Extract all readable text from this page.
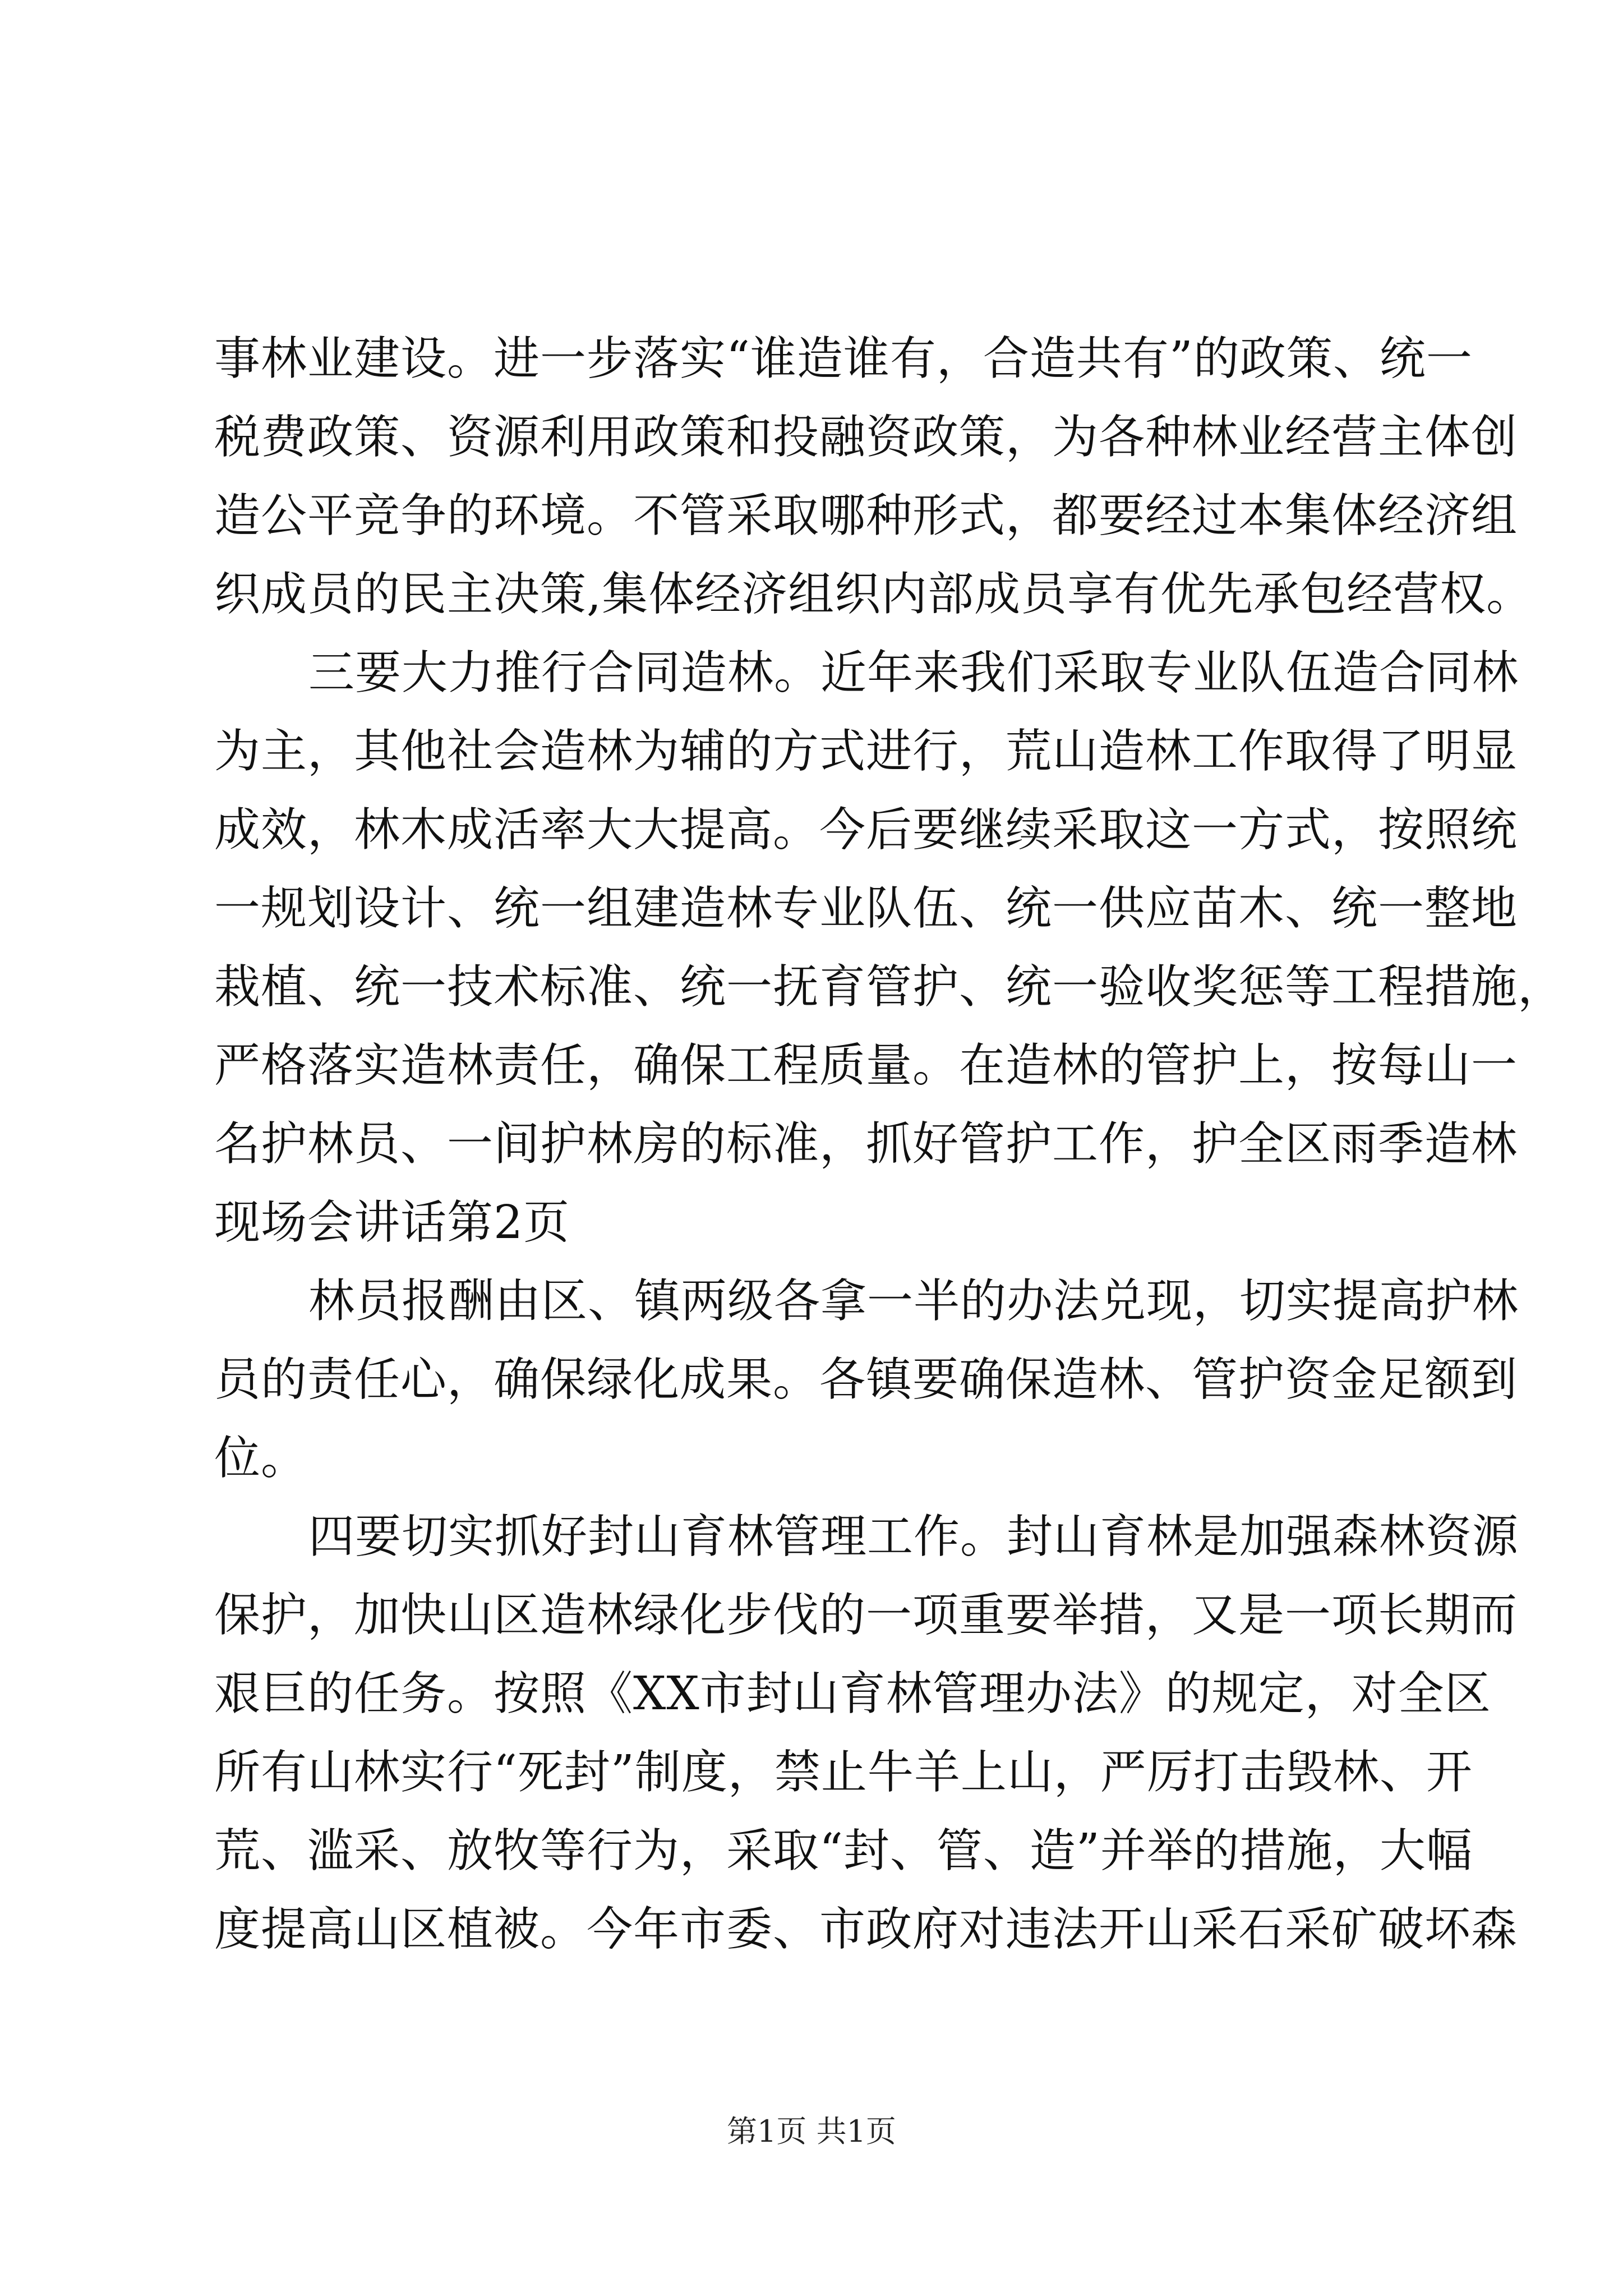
事林业建设。进一步落实“谁造谁有，合造共有”的政策、统一
税费政策、资源利用政策和投融资政策，为各种林业经营主体创
造公平竞争的环境。不管采取哪种形式，都要经过本集体经济组
织成员的民主决策,集体经济组织内部成员享有优先承包经营权。
三要大力推行合同造林。近年来我们采取专业队伍造合同林
为主，其他社会造林为辅的方式进行，荒山造林工作取得了明显
成效，林木成活率大大提高。今后要继续采取这一方式，按照统
一规划设计、统一组建造林专业队伍、统一供应苗木、统一整地
栽植、统一技术标准、统一抚育管护、统一验收奖惩等工程措施，
严格落实造林责任，确保工程质量。在造林的管护上，按每山一
名护林员、一间护林房的标准，抓好管护工作，护全区雨季造林
现场会讲话第2页
林员报酬由区、镇两级各拿一半的办法兑现，切实提高护林
员的责任心，确保绿化成果。各镇要确保造林、管护资金足额到
位。
四要切实抓好封山育林管理工作。封山育林是加强森林资源
保护，加快山区造林绿化步伐的一项重要举措，又是一项长期而
艰巨的任务。按照《XX市封山育林管理办法》的规定，对全区
所有山林实行“死封”制度，禁止牛羊上山，严厉打击毁林、开
荒、滥采、放牧等行为，采取“封、管、造”并举的措施，大幅
度提高山区植被。今年市委、市政府对违法开山采石采矿破坏森
第1页 共1页
